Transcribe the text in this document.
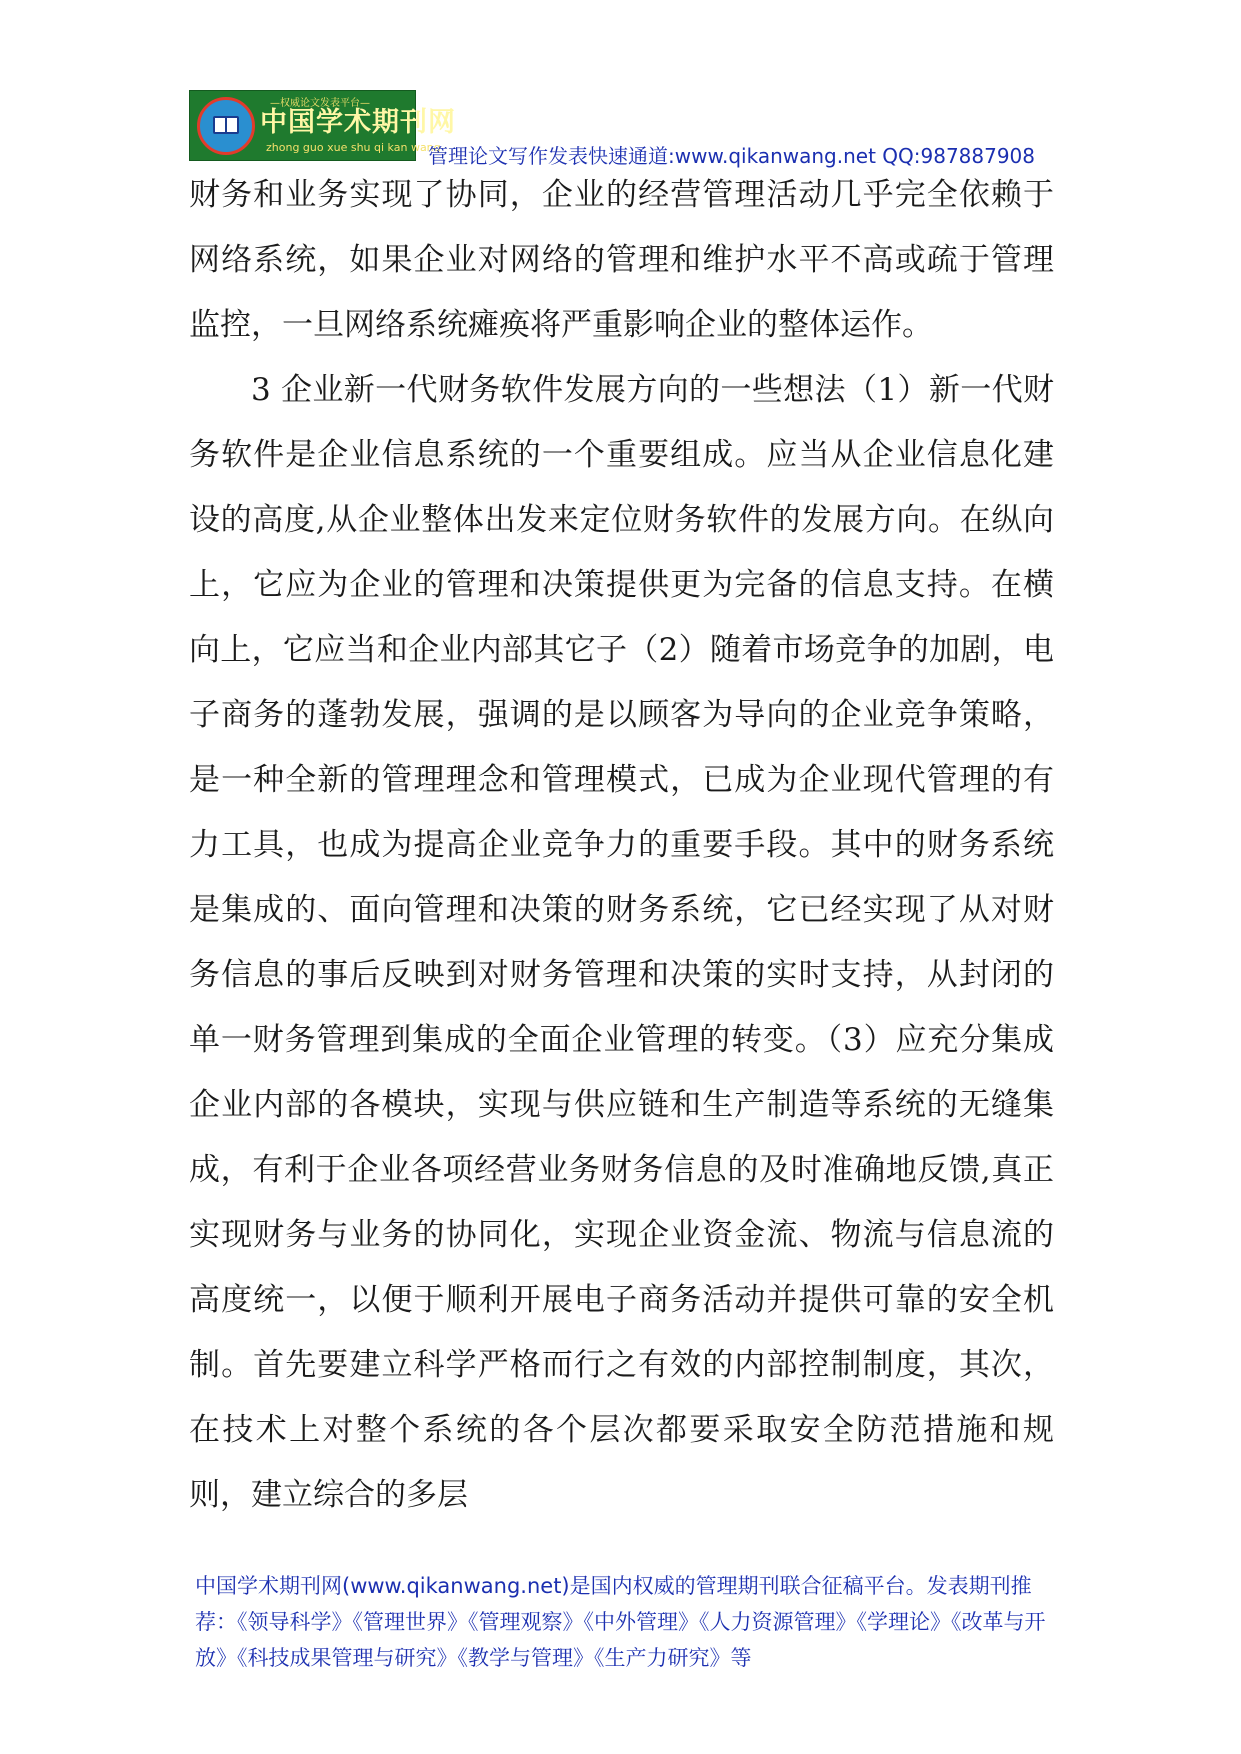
—权威论文发表平台—
中国学术期刊网
zhong guo xue shu qi kan wang
管理论文写作发表快速通道:www.qikanwang.net QQ:987887908

财务和业务实现了协同，企业的经营管理活动几乎完全依赖于网络系统，如果企业对网络的管理和维护水平不高或疏于管理监控，一旦网络系统瘫痪将严重影响企业的整体运作。

3 企业新一代财务软件发展方向的一些想法（1）新一代财务软件是企业信息系统的一个重要组成。应当从企业信息化建设的高度,从企业整体出发来定位财务软件的发展方向。在纵向上，它应为企业的管理和决策提供更为完备的信息支持。在横向上，它应当和企业内部其它子（2）随着市场竞争的加剧，电子商务的蓬勃发展，强调的是以顾客为导向的企业竞争策略，是一种全新的管理理念和管理模式，已成为企业现代管理的有力工具，也成为提高企业竞争力的重要手段。其中的财务系统是集成的、面向管理和决策的财务系统，它已经实现了从对财务信息的事后反映到对财务管理和决策的实时支持，从封闭的单一财务管理到集成的全面企业管理的转变。（3）应充分集成企业内部的各模块，实现与供应链和生产制造等系统的无缝集成，有利于企业各项经营业务财务信息的及时准确地反馈,真正实现财务与业务的协同化，实现企业资金流、物流与信息流的高度统一，以便于顺利开展电子商务活动并提供可靠的安全机制。首先要建立科学严格而行之有效的内部控制制度，其次，在技术上对整个系统的各个层次都要采取安全防范措施和规则，建立综合的多层

中国学术期刊网(www.qikanwang.net)是国内权威的管理期刊联合征稿平台。发表期刊推荐：《领导科学》《管理世界》《管理观察》《中外管理》《人力资源管理》《学理论》《改革与开放》《科技成果管理与研究》《教学与管理》《生产力研究》等
